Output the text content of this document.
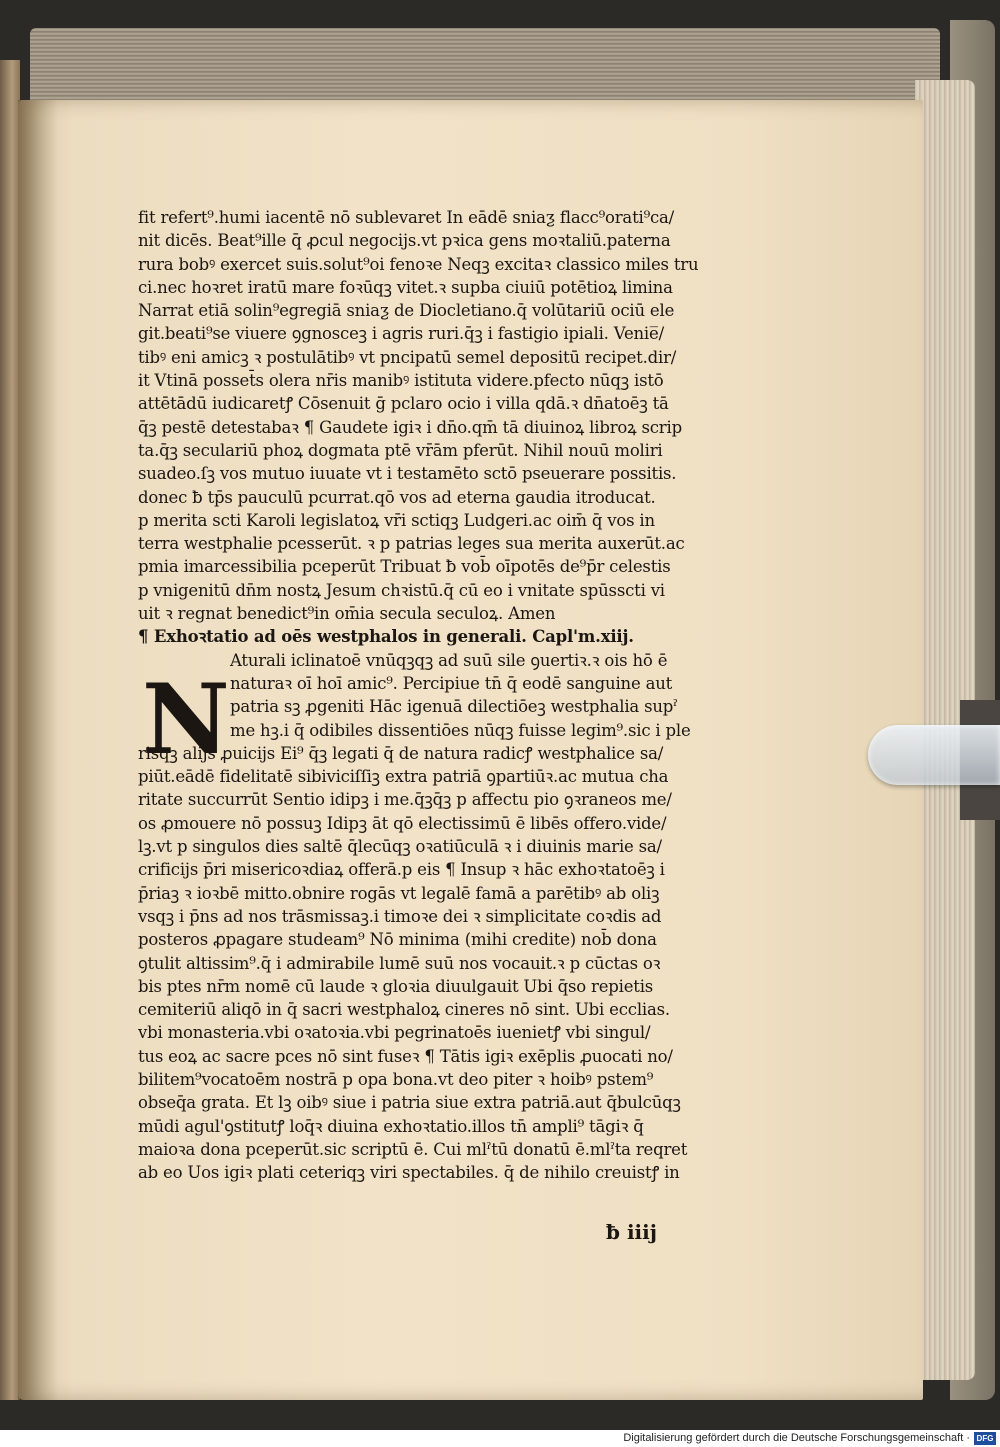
fit refert⁹.humi iacentē nō sublevaret In eādē sniaƺ flacc⁹orati⁹ca/
nit dicēs. Beat⁹ille q̄ ꝓcul negocijs.vt pꝛica gens moꝛtaliū.paterna
rura bobꝰ exercet suis.solut⁹oi fenoꝛe Neqꝫ excitaꝛ classico miles tru
ci.nec hoꝛret iratū mare foꝛūqꝫ vitet.ꝛ supba ciuiū potētioꝝ limina
Narrat etiā solin⁹egregiā sniaƺ de Diocletiano.q̄ volūtariū ociū ele
git.beati⁹se viuere ꝯgnosceꝫ i agris ruri.q̄ꝫ i fastigio ipiali. Venie̅/
tibꝰ eni amicꝫ ꝛ postulātibꝰ vt pncipatū semel depositū recipet.dir/
it Vtinā posset̄s olera nr̄is manibꝰ istituta videre.pfecto nūqꝫ istō
attētādū iudicaretꝭ Cōsenuit ḡ pclaro ocio i villa qdā.ꝛ dn̄atoēꝫ tā
q̄ꝫ pestē detestabaꝛ ¶ Gaudete igiꝛ i dn̄o.qm̄ tā diuinoꝝ libroꝝ scrip
ta.q̄ꝫ seculariū phoꝝ dogmata ptē vr̄ām pferūt. Nihil nouū moliri
suadeo.ſꝫ vos mutuo iuuate vt i testamēto sctō pseuerare possitis.
donec ƀ tp̄s pauculū pcurrat.qō vos ad eterna gaudia itroducat.
p merita scti Karoli legislatoꝝ vr̄i sctiqꝫ Ludgeri.ac oim̄ q̄ vos in
terra westphalie pcesserūt. ꝛ p patrias leges sua merita auxerūt.ac
pmia imarcessibilia pceperūt Tribuat ƀ vob̄ oīpotēs de⁹p̄r celestis
p vnigenitū dn̄m nostꝝ Jesum chꝛistū.q̄ cū eo i vnitate spūsscti vi
uit ꝛ regnat benedict⁹in om̄ia secula seculoꝝ. Amen
¶ Exhoꝛtatio ad oēs westphalos in generali. Capl'm.xiij.
Aturali iclinatoē vnūqꝫqꝫ ad suū sile ꝯuertiꝛ.ꝛ ois hō ē
naturaꝛ oī hoī amic⁹. Percipiue tn̄ q̄ eodē sanguine aut
patria sꝫ ꝓgeniti Hāc igenuā dilectiōeꝫ westphalia supˀ
me hꝫ.i q̄ odibiles dissentiōes nūqꝫ fuisse legim⁹.sic i ple
risqꝫ alijs ꝓuicijs Ei⁹ q̄ꝫ legati q̄ de natura radicꝭ westphalice sa/
piūt.eādē fidelitatē sibiviciſſiꝫ extra patriā ꝯpartiūꝛ.ac mutua cha
ritate succurrūt Sentio idipꝫ i me.q̄ꝫq̄ꝫ p affectu pio ꝯꝛraneos me/
os ꝓmouere nō possuꝫ Idipꝫ āt qō electissimū ē libēs offero.vide/
lꝫ.vt p singulos dies saltē q̄lecūqꝫ oꝛatiūculā ꝛ i diuinis marie sa/
crificijs p̄ri misericoꝛdiaꝝ offerā.p eis ¶ Insup ꝛ hāc exhoꝛtatoēꝫ i
p̄riaꝫ ꝛ ioꝛbē mitto.obnire rogās vt legalē famā a parētibꝰ ab oliꝫ
vsqꝫ i p̄ns ad nos trāsmissaꝫ.i timoꝛe dei ꝛ simplicitate coꝛdis ad
posteros ꝓpagare studeam⁹ Nō minima (mihi credite) nob̄ dona
ꝯtulit altissim⁹.q̄ i admirabile lumē suū nos vocauit.ꝛ p cūctas oꝛ
bis ptes nr̄m nomē cū laude ꝛ gloꝛia diuulgauit Ubi q̄so repietis
cemiteriū aliqō in q̄ sacri westphaloꝝ cineres nō sint. Ubi ecclias.
vbi monasteria.vbi oꝛatoꝛia.vbi pegrinatoēs iuenietꝭ vbi singul/
tus eoꝝ ac sacre pces nō sint fuseꝛ ¶ Tātis igiꝛ exēplis ꝓuocati no/
bilitem⁹vocatoēm nostrā p opa bona.vt deo piter ꝛ hoibꝰ pstem⁹
obseq̄a grata. Et lꝫ oibꝰ siue i patria siue extra patriā.aut q̄bulcūqꝫ
mūdi agul'ꝯstitutꝭ loq̄ꝛ diuina exhoꝛtatio.illos tn̄ ampli⁹ tāgiꝛ q̄
maioꝛa dona pceperūt.sic scriptū ē. Cui mlˀtū donatū ē.mlˀta reqret
ab eo Uos igiꝛ plati ceteriqꝫ viri spectabiles. q̄ de nihilo creuistꝭ in
N
ƀ iiij
Digitalisierung gefördert durch die Deutsche Forschungsgemeinschaft · DFG
